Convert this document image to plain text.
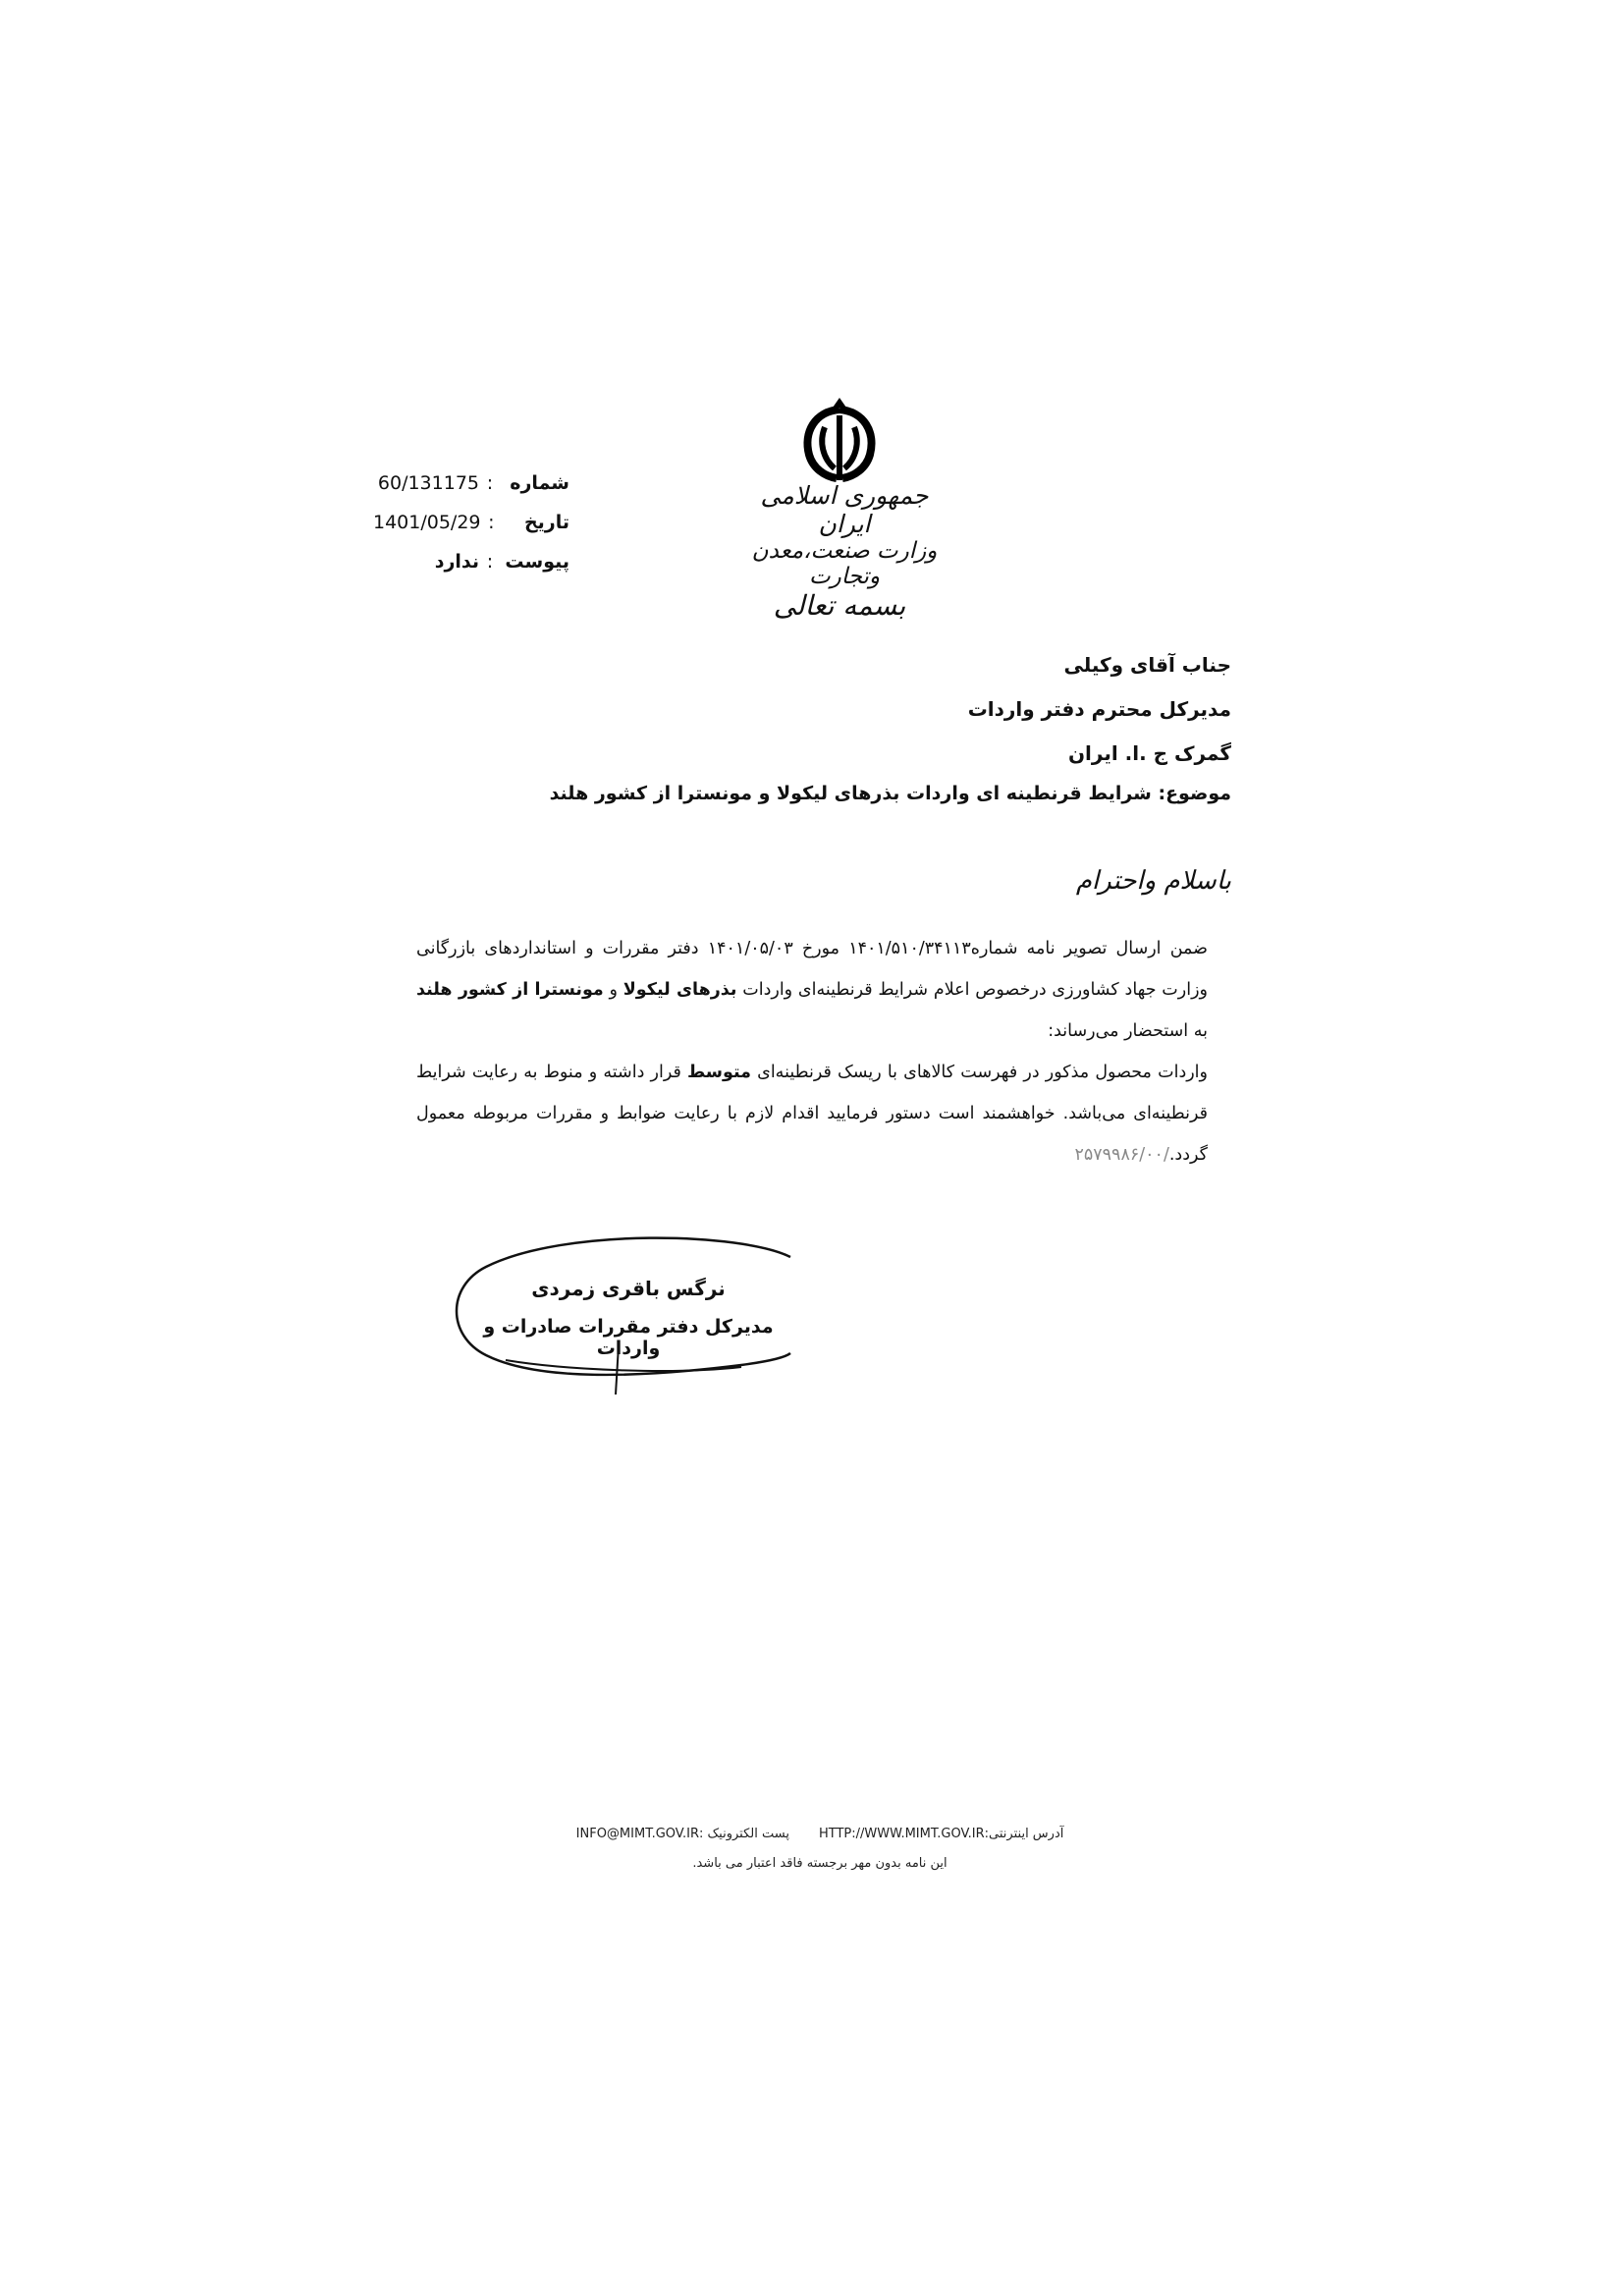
جمهوری اسلامی ایران
وزارت صنعت،معدن وتجارت
بسمه تعالی
شماره
:
60/131175
تاریخ
:
1401/05/29
پیوست
:
ندارد
جناب آقای وکیلی
مدیرکل محترم دفتر واردات
گمرک ج .ا. ایران
موضوع: شرایط قرنطینه ای واردات بذرهای لیکولا و مونسترا از کشور هلند
باسلام واحترام

ضمن ارسال تصویر نامه شماره۱۴۰۱/۵۱۰/۳۴۱۱۳ مورخ ۱۴۰۱/۰۵/۰۳ دفتر مقررات و استانداردهای بازرگانی وزارت جهاد کشاورزی درخصوص اعلام شرایط قرنطینه‌ای واردات بذرهای لیکولا و مونسترا از کشور هلند به استحضار می‌رساند:

واردات محصول مذکور در فهرست کالاهای با ریسک قرنطینه‌ای متوسط قرار داشته و منوط به رعایت شرایط قرنطینه‌ای می‌باشد. خواهشمند است دستور فرمایید اقدام لازم با رعایت ضوابط و مقررات مربوطه معمول گردد./۲۵۷۹۹۸۶/۰۰

نرگس باقری زمردی
مدیرکل دفتر مقررات صادرات و واردات
آدرس اینترنتی:HTTP://WWW.MIMT.GOV.IR
پست الکترونیک :INFO@MIMT.GOV.IR
این نامه بدون مهر برجسته فاقد اعتبار می باشد.
